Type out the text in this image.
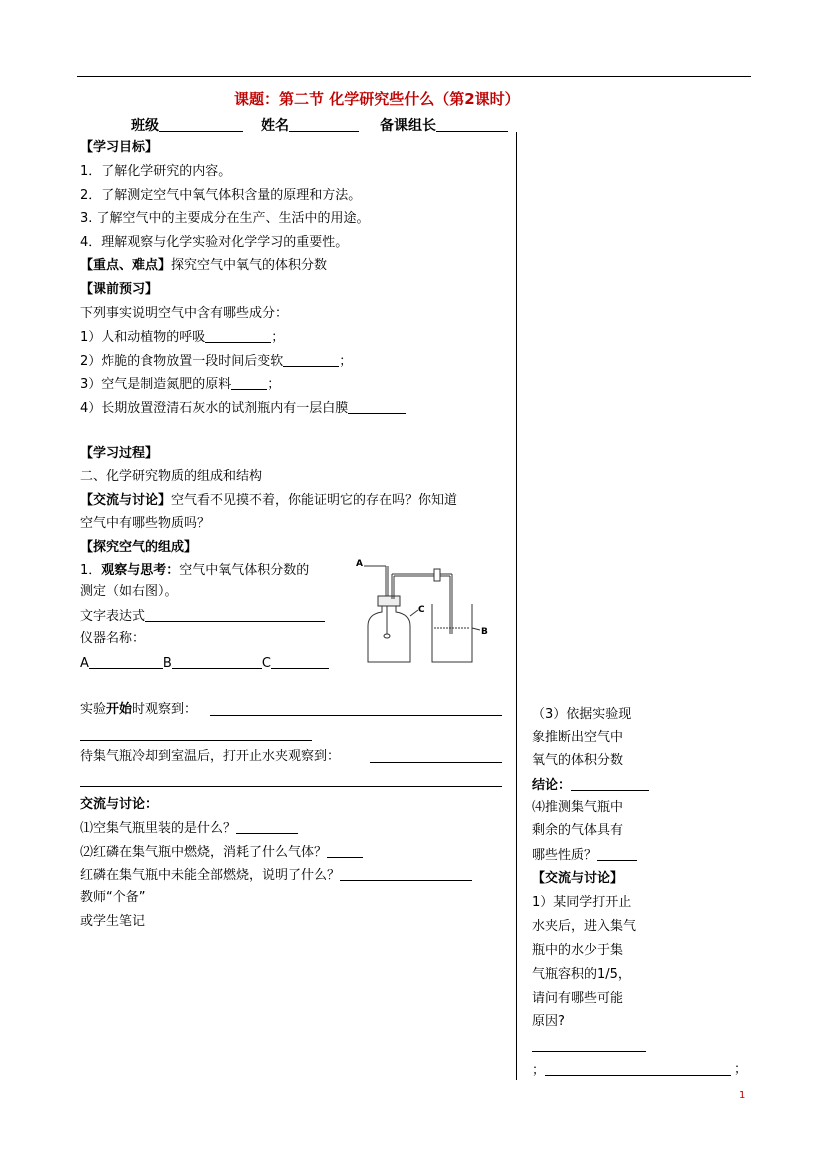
课题：第二节 化学研究些什么（第2课时）
班级	姓名	备课组长
【学习目标】
1．了解化学研究的内容。
2．了解测定空气中氧气体积含量的原理和方法。
3. 了解空气中的主要成分在生产、生活中的用途。
4．理解观察与化学实验对化学学习的重要性。
【重点、难点】探究空气中氧气的体积分数
【课前预习】
下列事实说明空气中含有哪些成分：
1）人和动植物的呼吸	；
2）炸脆的食物放置一段时间后变软	；
3）空气是制造氮肥的原料	；
4）长期放置澄清石灰水的试剂瓶内有一层白膜
【学习过程】
二、化学研究物质的组成和结构
【交流与讨论】空气看不见摸不着，你能证明它的存在吗？你知道
空气中有哪些物质吗？
【探究空气的组成】
1．观察与思考：空气中氧气体积分数的
测定（如右图）。
文字表达式
仪器名称：
A	B	C
A
C
B
实验开始时观察到：
待集气瓶冷却到室温后，打开止水夹观察到：
交流与讨论：
⑴空集气瓶里装的是什么？
⑵红磷在集气瓶中燃烧，消耗了什么气体？
红磷在集气瓶中未能全部燃烧，说明了什么？
教师“个备”
或学生笔记
（3）依据实验现
象推断出空气中
氧气的体积分数
结论：
⑷推测集气瓶中
剩余的气体具有
哪些性质？
【交流与讨论】
1）某同学打开止
水夹后，进入集气
瓶中的水少于集
气瓶容积的1/5，
请问有哪些可能
原因?
；	；
1
